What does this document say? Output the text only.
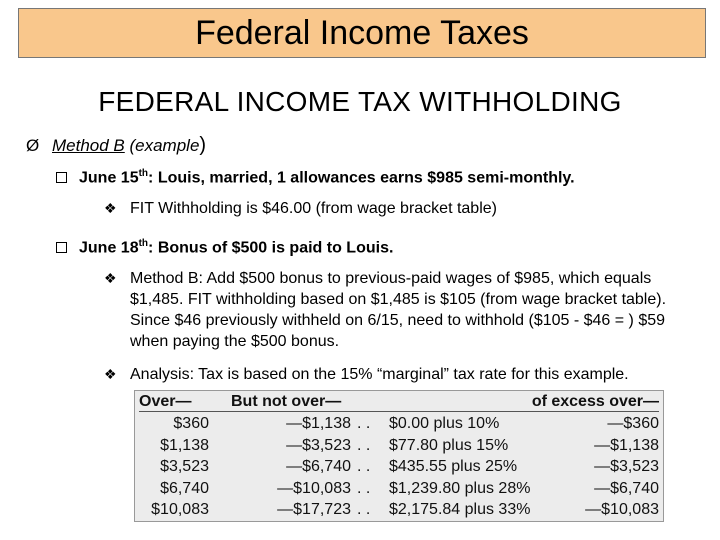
Federal Income Taxes
FEDERAL INCOME TAX WITHHOLDING
Ø Method B (example)
June 15th: Louis, married, 1 allowances earns $985 semi-monthly.
❖ FIT Withholding is $46.00 (from wage bracket table)
June 18th: Bonus of $500 is paid to Louis.
❖ Method B: Add $500 bonus to previous-paid wages of $985, which equals $1,485. FIT withholding based on $1,485 is $105 (from wage bracket table). Since $46 previously withheld on 6/15, need to withhold ($105 - $46 = ) $59 when paying the $500 bonus.
❖ Analysis: Tax is based on the 15% “marginal” tax rate for this example.
Over— But not over—	of excess over—
$360	—$1,138 . . $0.00 plus 10%	—$360
$1,138	—$3,523 . . $77.80 plus 15%	—$1,138
$3,523	—$6,740 . . $435.55 plus 25%	—$3,523
$6,740	—$10,083 . . $1,239.80 plus 28%	—$6,740
$10,083	—$17,723 . . $2,175.84 plus 33%	—$10,083
